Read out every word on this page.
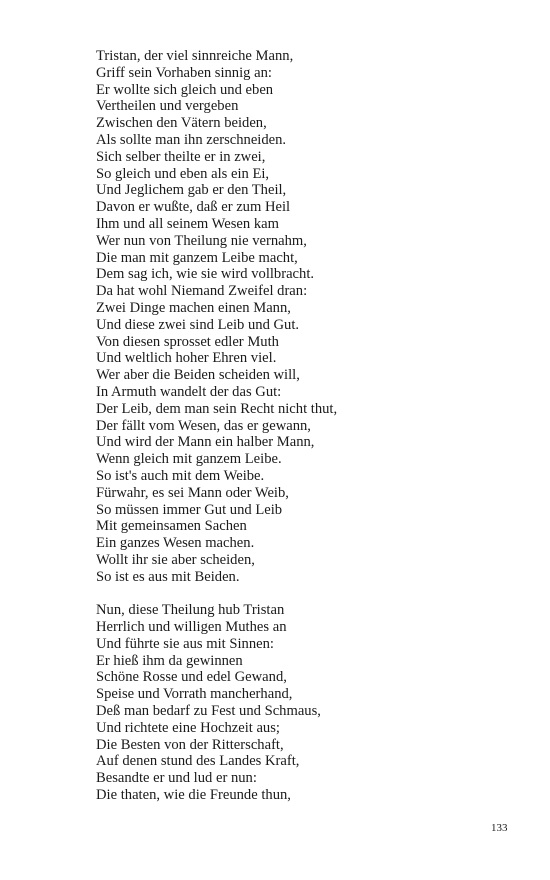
Tristan, der viel sinnreiche Mann,
Griff sein Vorhaben sinnig an:
Er wollte sich gleich und eben
Vertheilen und vergeben
Zwischen den Vätern beiden,
Als sollte man ihn zerschneiden.
Sich selber theilte er in zwei,
So gleich und eben als ein Ei,
Und Jeglichem gab er den Theil,
Davon er wußte, daß er zum Heil
Ihm und all seinem Wesen kam
Wer nun von Theilung nie vernahm,
Die man mit ganzem Leibe macht,
Dem sag ich, wie sie wird vollbracht.
Da hat wohl Niemand Zweifel dran:
Zwei Dinge machen einen Mann,
Und diese zwei sind Leib und Gut.
Von diesen sprosset edler Muth
Und weltlich hoher Ehren viel.
Wer aber die Beiden scheiden will,
In Armuth wandelt der das Gut:
Der Leib, dem man sein Recht nicht thut,
Der fällt vom Wesen, das er gewann,
Und wird der Mann ein halber Mann,
Wenn gleich mit ganzem Leibe.
So ist's auch mit dem Weibe.
Fürwahr, es sei Mann oder Weib,
So müssen immer Gut und Leib
Mit gemeinsamen Sachen
Ein ganzes Wesen machen.
Wollt ihr sie aber scheiden,
So ist es aus mit Beiden.
Nun, diese Theilung hub Tristan
Herrlich und willigen Muthes an
Und führte sie aus mit Sinnen:
Er hieß ihm da gewinnen
Schöne Rosse und edel Gewand,
Speise und Vorrath mancherhand,
Deß man bedarf zu Fest und Schmaus,
Und richtete eine Hochzeit aus;
Die Besten von der Ritterschaft,
Auf denen stund des Landes Kraft,
Besandte er und lud er nun:
Die thaten, wie die Freunde thun,
133
